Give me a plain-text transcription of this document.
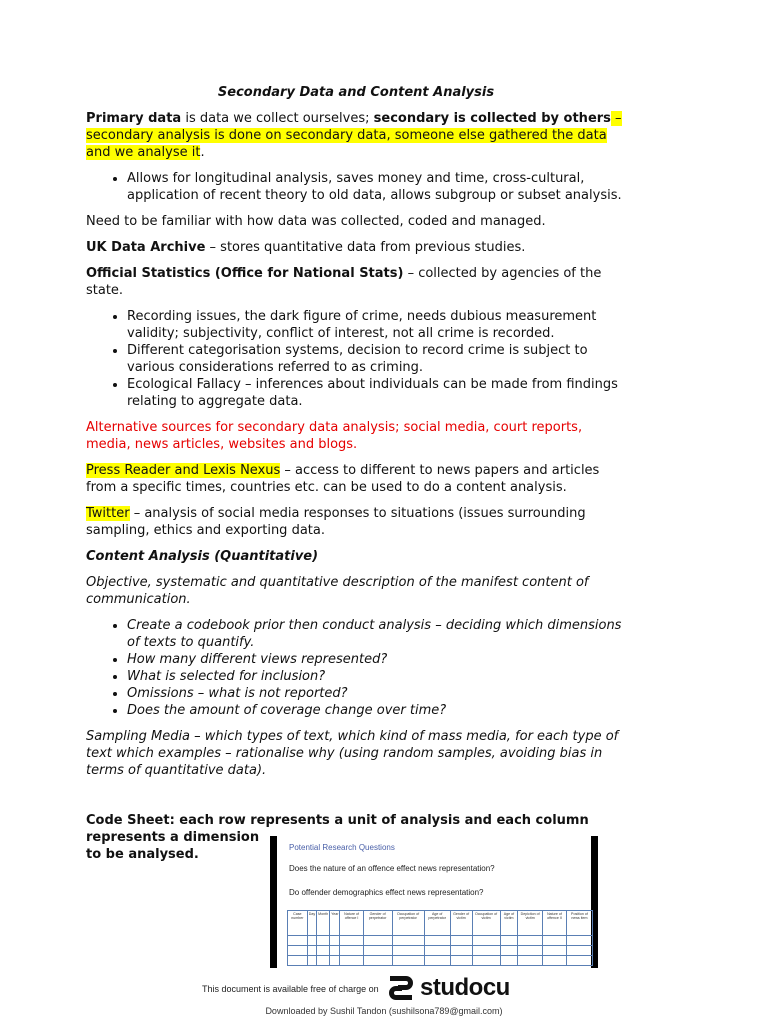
Secondary Data and Content Analysis

Primary data is data we collect ourselves; secondary is collected by others – secondary analysis is done on secondary data, someone else gathered the data and we analyse it.

• Allows for longitudinal analysis, saves money and time, cross-cultural, application of recent theory to old data, allows subgroup or subset analysis.

Need to be familiar with how data was collected, coded and managed.

UK Data Archive – stores quantitative data from previous studies.

Official Statistics (Office for National Stats) – collected by agencies of the state.

• Recording issues, the dark figure of crime, needs dubious measurement validity; subjectivity, conflict of interest, not all crime is recorded.
• Different categorisation systems, decision to record crime is subject to various considerations referred to as criming.
• Ecological Fallacy – inferences about individuals can be made from findings relating to aggregate data.

Alternative sources for secondary data analysis; social media, court reports, media, news articles, websites and blogs.

Press Reader and Lexis Nexus – access to different to news papers and articles from a specific times, countries etc. can be used to do a content analysis.

Twitter – analysis of social media responses to situations (issues surrounding sampling, ethics and exporting data.

Content Analysis (Quantitative)

Objective, systematic and quantitative description of the manifest content of communication.

• Create a codebook prior then conduct analysis – deciding which dimensions of texts to quantify.
• How many different views represented?
• What is selected for inclusion?
• Omissions – what is not reported?
• Does the amount of coverage change over time?

Sampling Media – which types of text, which kind of mass media, for each type of text which examples – rationalise why (using random samples, avoiding bias in terms of quantitative data).

Code Sheet: each row represents a unit of analysis and each column
represents a dimension to be analysed.	Potential Research Questions
Does the nature of an offence effect news representation?
Do offender demographics effect news representation?
Case number	Day	Month	Year	Nature of offence I	Gender of perpetrator	Occupation of perpetrator	Age of perpetrator	Gender of victim	Occupation of victim	Age of victim	Depiction of victim	Nature of offence II	Position of news item

This document is available free of charge on studocu
Downloaded by Sushil Tandon (sushilsona789@gmail.com)
